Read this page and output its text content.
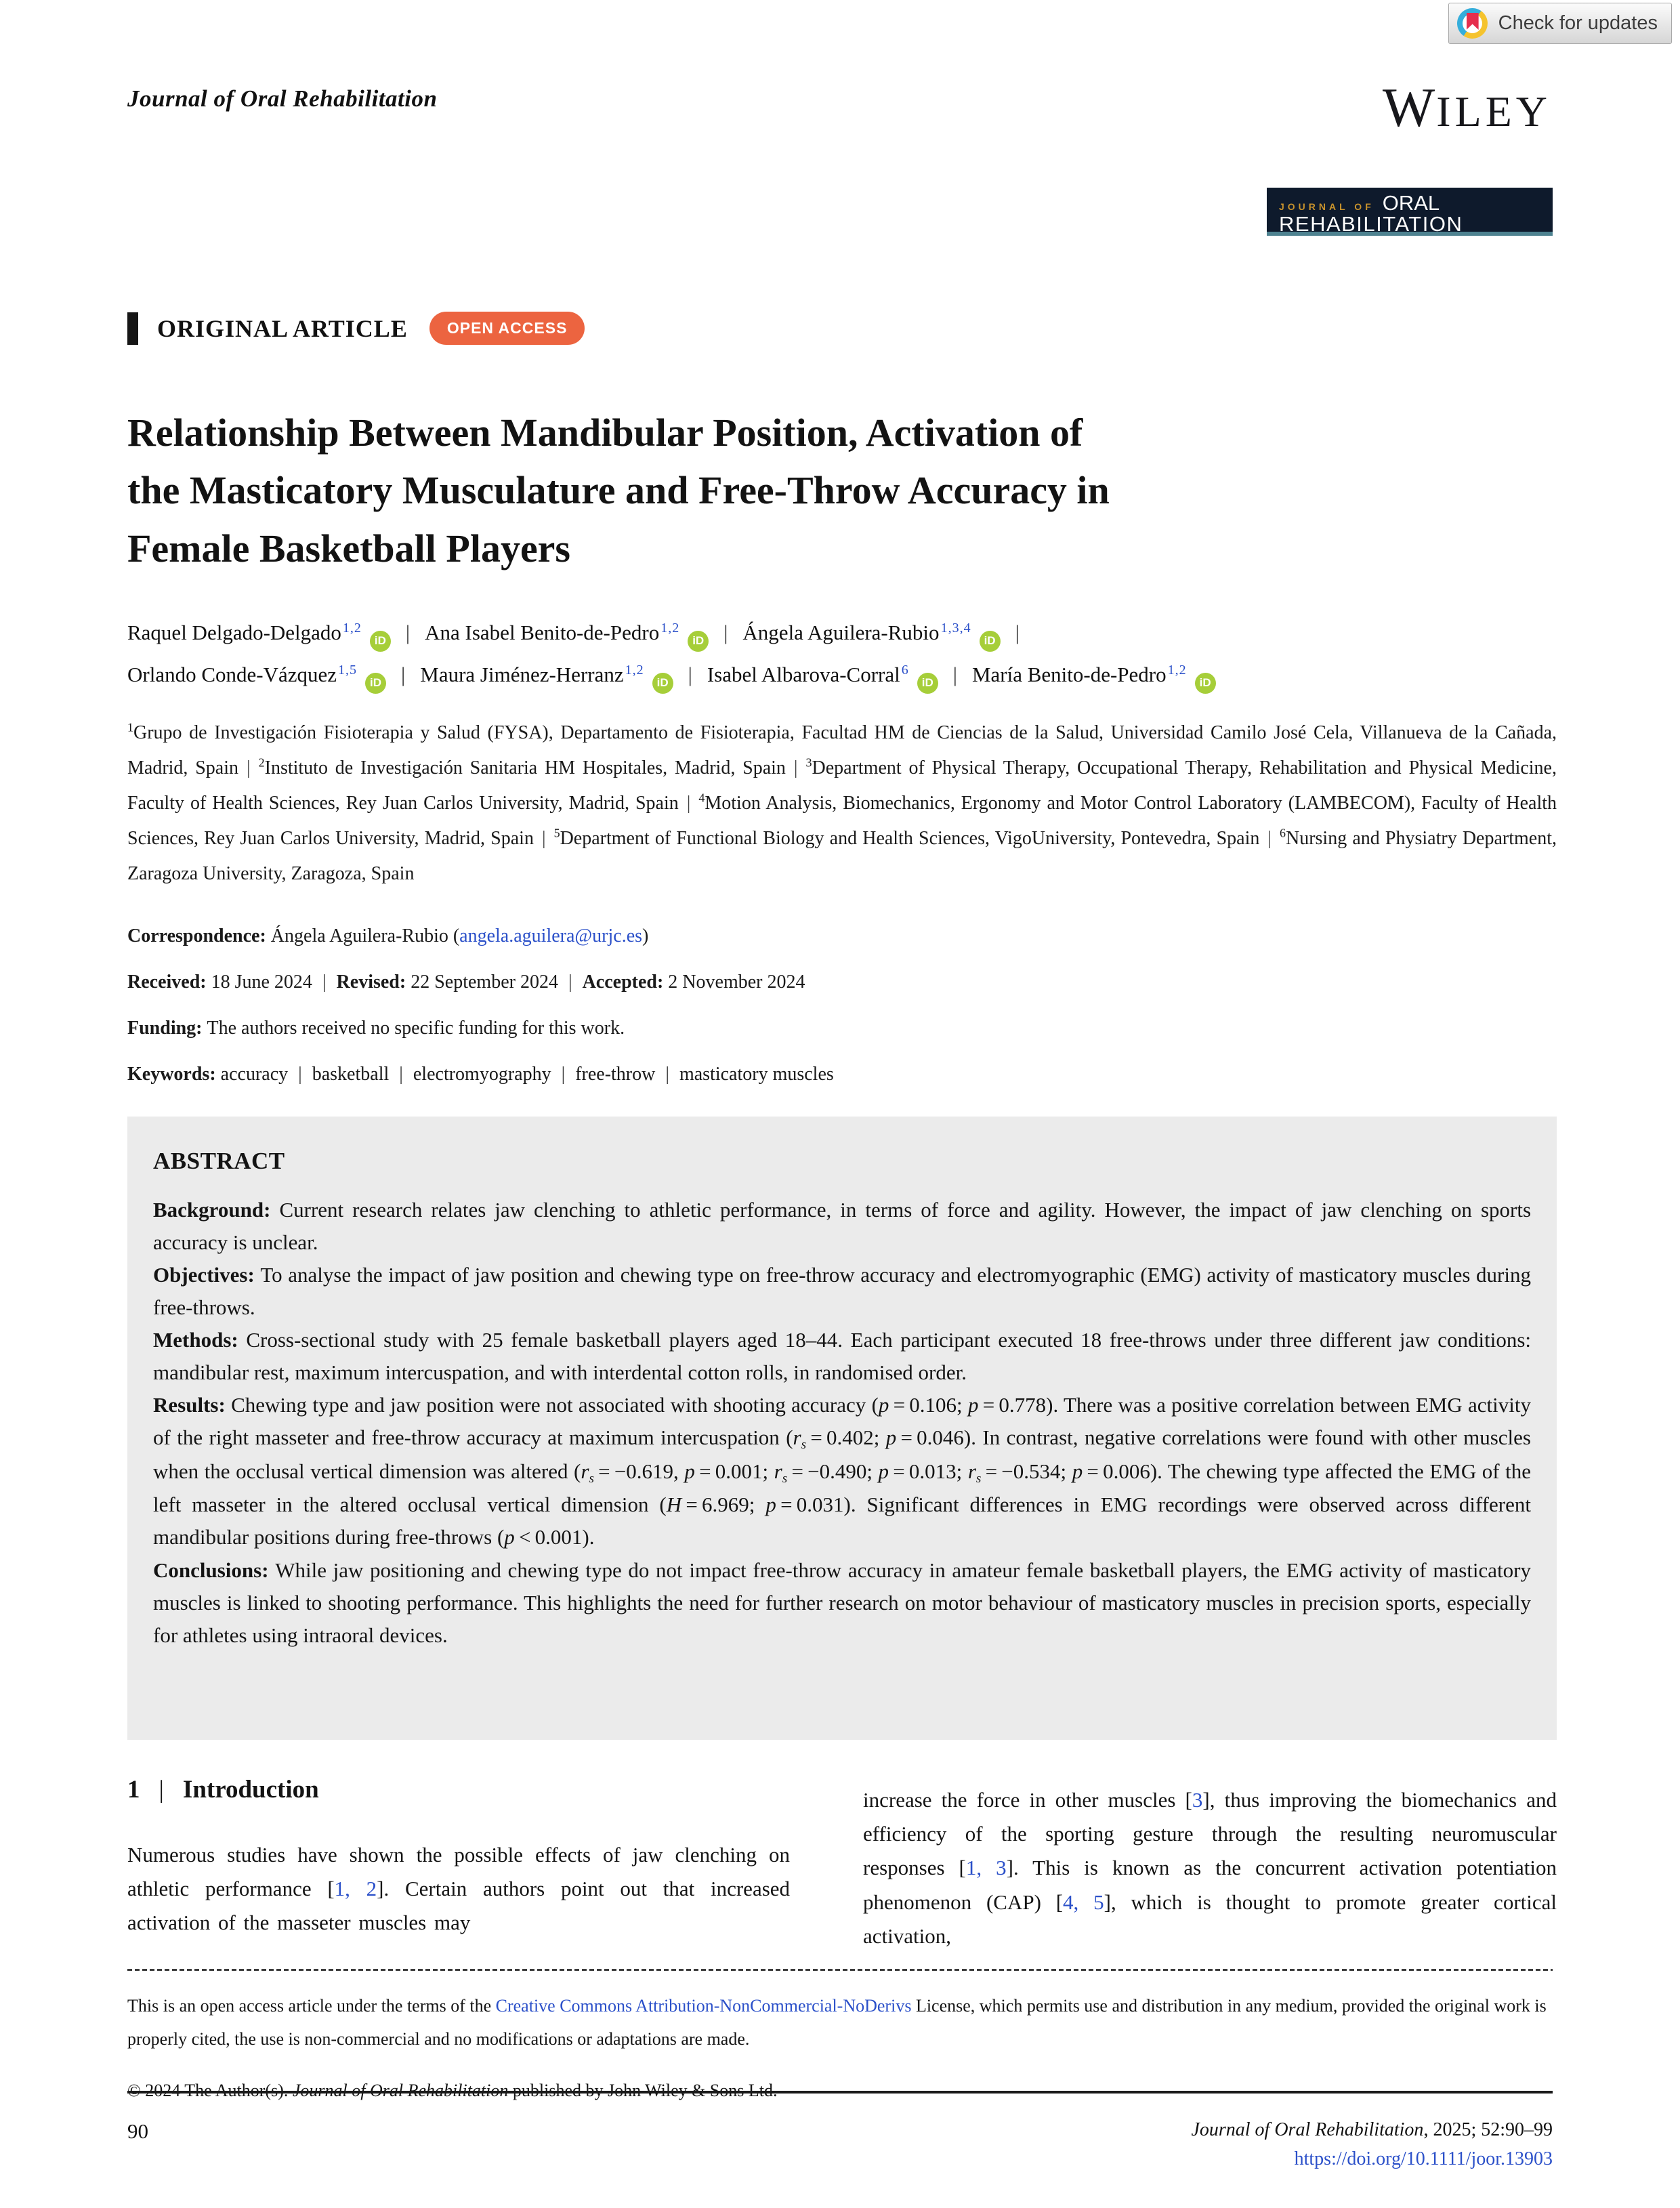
Check for updates
Journal of Oral Rehabilitation	WILEY
JOURNAL OF ORAL
REHABILITATION
ORIGINAL ARTICLE	OPEN ACCESS
Relationship Between Mandibular Position, Activation of
the Masticatory Musculature and Free-Throw Accuracy in
Female Basketball Players
Raquel Delgado-Delgado $^{1,2}$iD | Ana Isabel Benito-de-Pedro $^{1,2}$iD | Ángela Aguilera-Rubio $^{1,3,4}$iD |
Orlando Conde-Vázquez $^{1,5}$iD | Maura Jiménez-Herranz $^{1,2}$iD | Isabel Albarova-Corral $^6$iD | María Benito-de-Pedro $^{1,2}$iD
$^1$Grupo de Investigación Fisioterapia y Salud (FYSA), Departamento de Fisioterapia, Facultad HM de Ciencias de la Salud, Universidad Camilo José Cela, Villanueva de la Cañada, Madrid, Spain | $^2$Instituto de Investigación Sanitaria HM Hospitales, Madrid, Spain | $^3$Department of Physical Therapy, Occupational Therapy, Rehabilitation and Physical Medicine, Faculty of Health Sciences, Rey Juan Carlos University, Madrid, Spain | $^4$Motion Analysis, Biomechanics, Ergonomy and Motor Control Laboratory (LAMBECOM), Faculty of Health Sciences, Rey Juan Carlos University, Madrid, Spain | $^5$Department of Functional Biology and Health Sciences, VigoUniversity, Pontevedra, Spain | $^6$Nursing and Physiatry Department, Zaragoza University, Zaragoza, Spain

Correspondence: Ángela Aguilera-Rubio (angela.aguilera@urjc.es)

Received: 18 June 2024 | Revised: 22 September 2024 | Accepted: 2 November 2024

Funding: The authors received no specific funding for this work.

Keywords: accuracy | basketball | electromyography | free-throw | masticatory muscles

ABSTRACT

Background: Current research relates jaw clenching to athletic performance, in terms of force and agility. However, the impact of jaw clenching on sports accuracy is unclear.

Objectives: To analyse the impact of jaw position and chewing type on free-throw accuracy and electromyographic (EMG) activity of masticatory muscles during free-throws.

Methods: Cross-sectional study with 25 female basketball players aged 18–44. Each participant executed 18 free-throws under three different jaw conditions: mandibular rest, maximum intercuspation, and with interdental cotton rolls, in randomised order.

Results: Chewing type and jaw position were not associated with shooting accuracy (p = 0.106; p = 0.778). There was a positive correlation between EMG activity of the right masseter and free-throw accuracy at maximum intercuspation (rs = 0.402; p = 0.046). In contrast, negative correlations were found with other muscles when the occlusal vertical dimension was altered (rs = −0.619, p = 0.001; rs = −0.490; p = 0.013; rs = −0.534; p = 0.006). The chewing type affected the EMG of the left masseter in the altered occlusal vertical dimension (H = 6.969; p = 0.031). Significant differences in EMG recordings were observed across different mandibular positions during free-throws (p < 0.001).

Conclusions: While jaw positioning and chewing type do not impact free-throw accuracy in amateur female basketball players, the EMG activity of masticatory muscles is linked to shooting performance. This highlights the need for further research on motor behaviour of masticatory muscles in precision sports, especially for athletes using intraoral devices.

1 | Introduction

Numerous studies have shown the possible effects of jaw clenching on athletic performance [1, 2]. Certain authors point out that increased activation of the masseter muscles may

increase the force in other muscles [3], thus improving the biomechanics and efficiency of the sporting gesture through the resulting neuromuscular responses [1, 3]. This is known as the concurrent activation potentiation phenomenon (CAP) [4, 5], which is thought to promote greater cortical activation,

This is an open access article under the terms of the Creative Commons Attribution-NonCommercial-NoDerivs License, which permits use and distribution in any medium, provided the original work is properly cited, the use is non-commercial and no modifications or adaptations are made.
90	Journal of Oral Rehabilitation, 2025; 52:90–99
https://doi.org/10.1111/joor.13903
